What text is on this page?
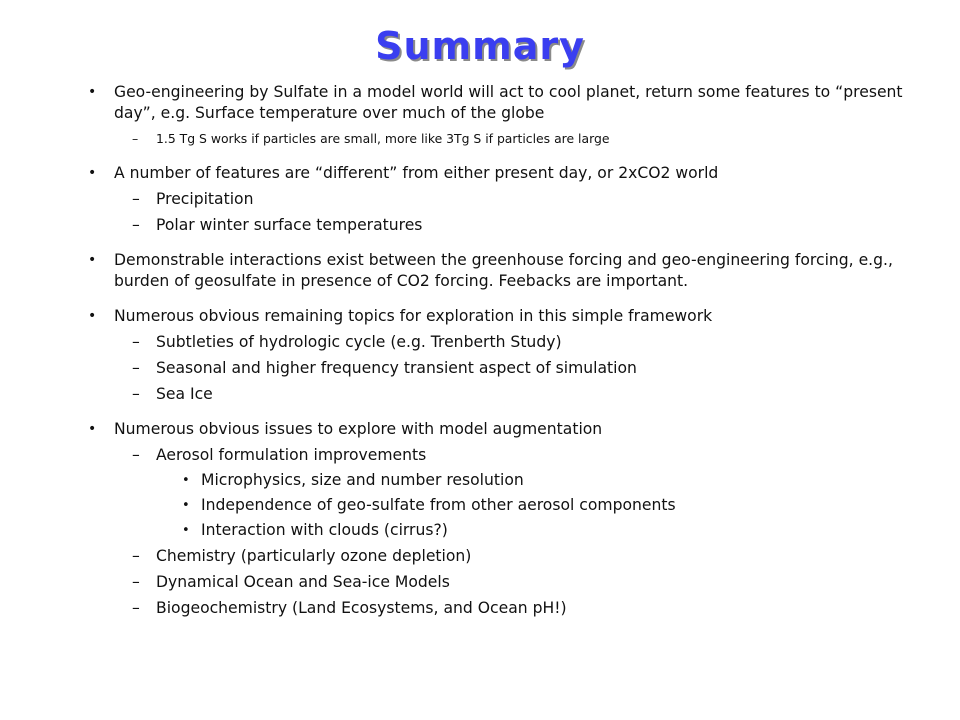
Summary

• Geo-engineering by Sulfate in a model world will act to cool planet, return some features to “present day”, e.g. Surface temperature over much of the globe

– 1.5 Tg S works if particles are small, more like 3Tg S if particles are large

• A number of features are “different” from either present day, or 2xCO2 world

– Precipitation

– Polar winter surface temperatures

• Demonstrable interactions exist between the greenhouse forcing and geo-engineering forcing, e.g., burden of geosulfate in presence of CO2 forcing. Feebacks are important.

• Numerous obvious remaining topics for exploration in this simple framework

– Subtleties of hydrologic cycle (e.g. Trenberth Study)

– Seasonal and higher frequency transient aspect of simulation

– Sea Ice

• Numerous obvious issues to explore with model augmentation

– Aerosol formulation improvements

• Microphysics, size and number resolution

• Independence of geo-sulfate from other aerosol components

• Interaction with clouds (cirrus?)

– Chemistry (particularly ozone depletion)

– Dynamical Ocean and Sea-ice Models

– Biogeochemistry (Land Ecosystems, and Ocean pH!)
